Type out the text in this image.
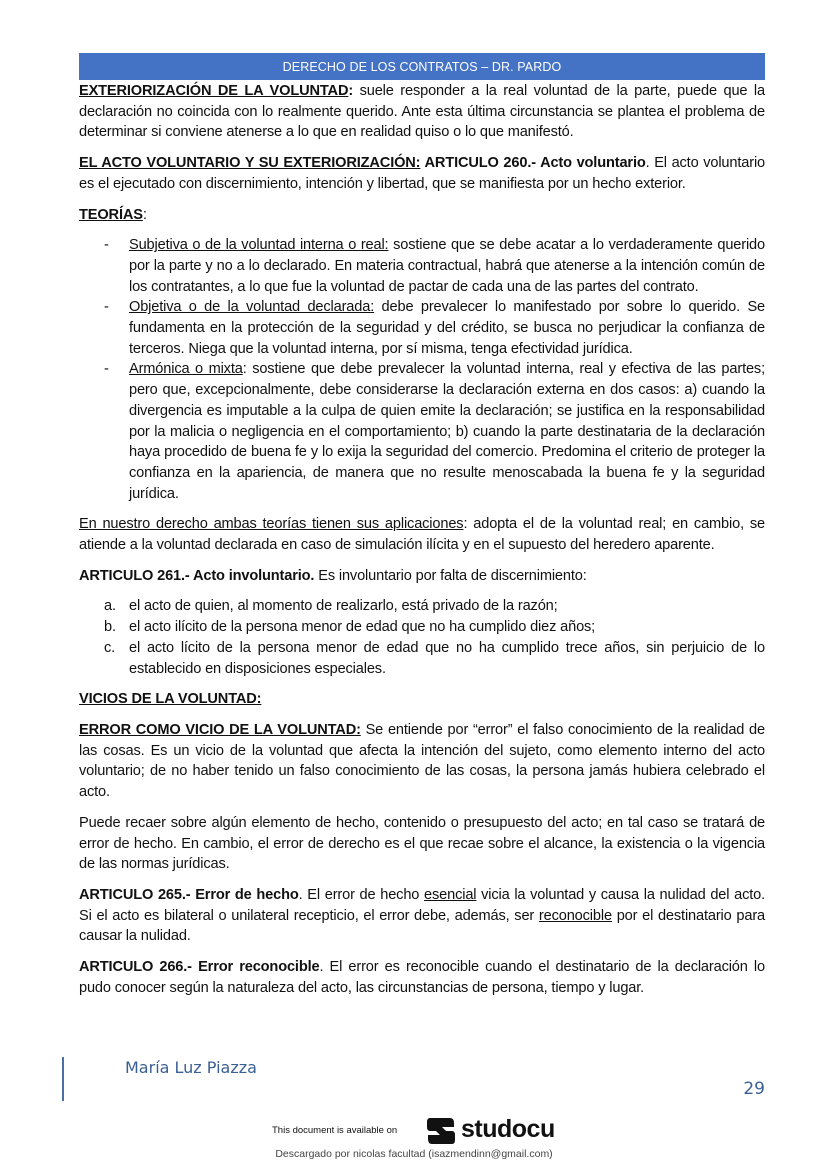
DERECHO DE LOS CONTRATOS – DR. PARDO

EXTERIORIZACIÓN DE LA VOLUNTAD: suele responder a la real voluntad de la parte, puede que la declaración no coincida con lo realmente querido. Ante esta última circunstancia se plantea el problema de determinar si conviene atenerse a lo que en realidad quiso o lo que manifestó.

EL ACTO VOLUNTARIO Y SU EXTERIORIZACIÓN: ARTICULO 260.- Acto voluntario. El acto voluntario es el ejecutado con discernimiento, intención y libertad, que se manifiesta por un hecho exterior.

TEORÍAS:

- Subjetiva o de la voluntad interna o real: sostiene que se debe acatar a lo verdaderamente querido por la parte y no a lo declarado. En materia contractual, habrá que atenerse a la intención común de los contratantes, a lo que fue la voluntad de pactar de cada una de las partes del contrato.
- Objetiva o de la voluntad declarada: debe prevalecer lo manifestado por sobre lo querido. Se fundamenta en la protección de la seguridad y del crédito, se busca no perjudicar la confianza de terceros. Niega que la voluntad interna, por sí misma, tenga efectividad jurídica.
- Armónica o mixta: sostiene que debe prevalecer la voluntad interna, real y efectiva de las partes; pero que, excepcionalmente, debe considerarse la declaración externa en dos casos: a) cuando la divergencia es imputable a la culpa de quien emite la declaración; se justifica en la responsabilidad por la malicia o negligencia en el comportamiento; b) cuando la parte destinataria de la declaración haya procedido de buena fe y lo exija la seguridad del comercio. Predomina el criterio de proteger la confianza en la apariencia, de manera que no resulte menoscabada la buena fe y la seguridad jurídica.

En nuestro derecho ambas teorías tienen sus aplicaciones: adopta el de la voluntad real; en cambio, se atiende a la voluntad declarada en caso de simulación ilícita y en el supuesto del heredero aparente.

ARTICULO 261.- Acto involuntario. Es involuntario por falta de discernimiento:

a. el acto de quien, al momento de realizarlo, está privado de la razón;
b. el acto ilícito de la persona menor de edad que no ha cumplido diez años;
c. el acto lícito de la persona menor de edad que no ha cumplido trece años, sin perjuicio de lo establecido en disposiciones especiales.

VICIOS DE LA VOLUNTAD:

ERROR COMO VICIO DE LA VOLUNTAD: Se entiende por “error” el falso conocimiento de la realidad de las cosas. Es un vicio de la voluntad que afecta la intención del sujeto, como elemento interno del acto voluntario; de no haber tenido un falso conocimiento de las cosas, la persona jamás hubiera celebrado el acto.

Puede recaer sobre algún elemento de hecho, contenido o presupuesto del acto; en tal caso se tratará de error de hecho. En cambio, el error de derecho es el que recae sobre el alcance, la existencia o la vigencia de las normas jurídicas.

ARTICULO 265.- Error de hecho. El error de hecho esencial vicia la voluntad y causa la nulidad del acto. Si el acto es bilateral o unilateral recepticio, el error debe, además, ser reconocible por el destinatario para causar la nulidad.

ARTICULO 266.- Error reconocible. El error es reconocible cuando el destinatario de la declaración lo pudo conocer según la naturaleza del acto, las circunstancias de persona, tiempo y lugar.

María Luz Piazza
29
This document is available on	studocu
Descargado por nicolas facultad (isazmendinn@gmail.com)
